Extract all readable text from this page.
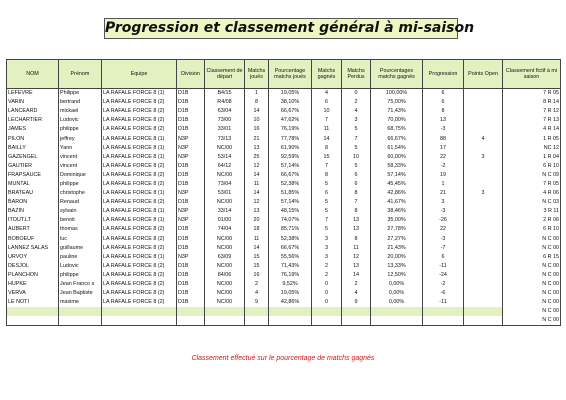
Progression et classement général à mi-saison
NOM	Prénom	Equipe	Division	Classement de départ	Matchs joués	Pourcentage matchs joués	Matchs gagnés	Matchs Perdus	Pourcentages matchs gagnés	Progression	Points Open	Classement fictif à mi saison
LEFEVRE	Philippe	LA RAFALE FORCE 8 (1)	D1B	B4/15	1	19,05%	4	0	100,00%	6		7 R 05
VARIN	bertrand	LA RAFALE FORCE 8 (2)	D1B	R4/08	8	38,10%	6	2	75,00%	6		8 R 14
LANCEARD	mickael	LA RAFALE FORCE 8 (2)	D1B	63/04	14	66,67%	10	4	71,43%	8		7 R 12
LECHARTIER	Ludovic	LA RAFALE FORCE 8 (2)	D1B	73/00	10	47,62%	7	3	70,00%	13		7 R 13
JAMES	philippe	LA RAFALE FORCE 8 (2)	D1B	33/01	16	76,19%	11	5	68,75%	-3		4 R 14
PILON	jeffrey	LA RAFALE FORCE 8 (1)	N3P	73/13	21	77,78%	14	7	66,67%	88	4	1 R 05
BAILLY	Yann	LA RAFALE FORCE 8 (1)	N3P	NC/00	13	61,90%	8	5	61,54%	17		NC 12
GAZENGEL	vincent	LA RAFALE FORCE 8 (1)	N3P	53/14	25	92,59%	15	10	60,00%	22	3	1 R 04
GAUTIER	vincent	LA RAFALE FORCE 8 (2)	D1B	64/12	12	57,14%	7	5	58,33%	-2		6 R 10
FRAPSAUCE	Dominique	LA RAFALE FORCE 8 (2)	D1B	NC/00	14	66,67%	8	6	57,14%	19		N C 09
MUNTAL	philippe	LA RAFALE FORCE 8 (2)	D1B	73/04	11	52,38%	5	6	45,45%	1		7 R 05
BRATEAU	christophe	LA RAFALE FORCE 8 (1)	N3P	53/01	14	51,85%	6	8	42,86%	21	3	4 R 06
BARON	Renaud	LA RAFALE FORCE 8 (2)	D1B	NC/00	12	57,14%	5	7	41,67%	3		N C 03
BAZIN	sylvain	LA RAFALE FORCE 8 (1)	N3P	33/14	13	48,15%	5	8	38,46%	-3		3 R 11
ITOUT.LT	benoit	LA RAFALE FORCE 8 (1)	N3P	01/00	20	74,07%	7	13	35,00%	-26		2 R 06
AUBERT	thomas	LA RAFALE FORCE 8 (2)	D1B	74/04	18	85,71%	5	13	27,78%	22		6 R 10
BOBOEUF	luc	LA RAFALE FORCE 8 (2)	D1B	NC/00	11	52,38%	3	8	27,27%	-3		N C 00
LANNEZ SALAS	guillaume	LA RAFALE FORCE 8 (2)	D1B	NC/00	14	66,67%	3	11	21,43%	-7		N C 00
URVOY	pauline	LA RAFALE FORCE 8 (1)	N3P	63/09	15	55,56%	3	12	20,00%	6		6 R 15
DESJOL	Ludovic	LA RAFALE FORCE 8 (2)	D1B	NC/00	15	71,43%	2	13	13,33%	-11		N C 00
PLANCHON	philippe	LA RAFALE FORCE 8 (2)	D1B	84/06	16	76,19%	2	14	12,50%	-24		N C 00
HUPKE	Jean Franco s	LA RAFALE FORCE 8 (2)	D1B	NC/00	2	9,52%	0	2	0,00%	-2		N C 00
VERVA	Jean Baptiste	LA RAFALE FORCE 8 (2)	D1B	NC/00	4	19,05%	0	4	0,00%	-6		N C 00
LE NOTI	maxime	LA RAFALE FORCE 8 (2)	D1B	NC/00	9	42,86%	0	9	0,00%	-11		N C 00
												N C 00
												N C 00
Classement effectué sur le pourcentage de matchs gagnés
